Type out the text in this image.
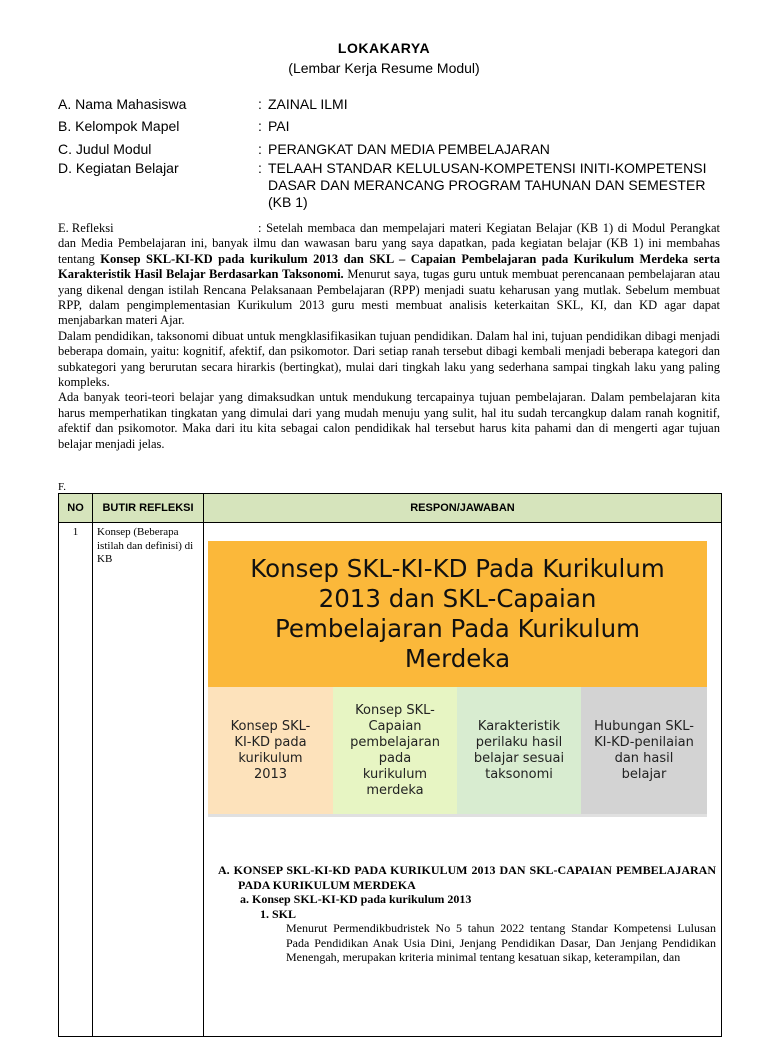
LOKAKARYA
(Lembar Kerja Resume Modul)
A. Nama Mahasiswa	: ZAINAL ILMI
B. Kelompok Mapel	: PAI
C. Judul Modul	: PERANGKAT DAN MEDIA PEMBELAJARAN
D. Kegiatan Belajar	: TELAAH STANDAR KELULUSAN-KOMPETENSI INITI-KOMPETENSI DASAR DAN MERANCANG PROGRAM TAHUNAN DAN SEMESTER (KB 1)

E. Refleksi	: Setelah membaca dan mempelajari materi Kegiatan Belajar (KB 1) di Modul Perangkat dan Media Pembelajaran ini, banyak ilmu dan wawasan baru yang saya dapatkan, pada kegiatan belajar (KB 1) ini membahas tentang Konsep SKL-KI-KD pada kurikulum 2013 dan SKL – Capaian Pembelajaran pada Kurikulum Merdeka serta Karakteristik Hasil Belajar Berdasarkan Taksonomi. Menurut saya, tugas guru untuk membuat perencanaan pembelajaran atau yang dikenal dengan istilah Rencana Pelaksanaan Pembelajaran (RPP) menjadi suatu keharusan yang mutlak. Sebelum membuat RPP, dalam pengimplementasian Kurikulum 2013 guru mesti membuat analisis keterkaitan SKL, KI, dan KD agar dapat menjabarkan materi Ajar.

Dalam pendidikan, taksonomi dibuat untuk mengklasifikasikan tujuan pendidikan. Dalam hal ini, tujuan pendidikan dibagi menjadi beberapa domain, yaitu: kognitif, afektif, dan psikomotor. Dari setiap ranah tersebut dibagi kembali menjadi beberapa kategori dan subkategori yang berurutan secara hirarkis (bertingkat), mulai dari tingkah laku yang sederhana sampai tingkah laku yang paling kompleks.

Ada banyak teori-teori belajar yang dimaksudkan untuk mendukung tercapainya tujuan pembelajaran. Dalam pembelajaran kita harus memperhatikan tingkatan yang dimulai dari yang mudah menuju yang sulit, hal itu sudah tercangkup dalam ranah kognitif, afektif dan psikomotor. Maka dari itu kita sebagai calon pendidikak hal tersebut harus kita pahami dan di mengerti agar tujuan belajar menjadi jelas.

F.
NO	BUTIR REFLEKSI	RESPON/JAWABAN
1	Konsep (Beberapa istilah dan definisi) di KB		Konsep SKL-KI-KD Pada Kurikulum 2013 dan SKL-Capaian Pembelajaran Pada Kurikulum Merdeka
Konsep SKL-KI-KD pada kurikulum 2013
Konsep SKL-Capaian pembelajaran pada kurikulum merdeka
Karakteristik perilaku hasil belajar sesuai taksonomi
Hubungan SKL-KI-KD-penilaian dan hasil belajar
A. KONSEP SKL-KI-KD PADA KURIKULUM 2013 DAN SKL-CAPAIAN PEMBELAJARAN PADA KURIKULUM MERDEKA
a. Konsep SKL-KI-KD pada kurikulum 2013
1. SKL
Menurut Permendikbudristek No 5 tahun 2022 tentang Standar Kompetensi Lulusan Pada Pendidikan Anak Usia Dini, Jenjang Pendidikan Dasar, Dan Jenjang Pendidikan Menengah, merupakan kriteria minimal tentang kesatuan sikap, keterampilan, dan
